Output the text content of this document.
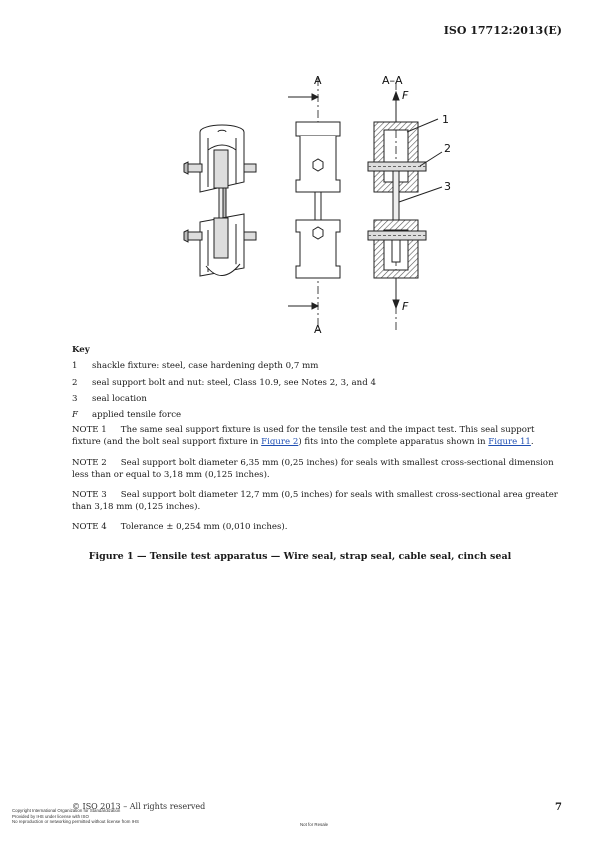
ISO 17712:2013(E)
A
A
A–A
F
F
1
2
3
Key
1	shackle fixture: steel, case hardening depth 0,7 mm
2	seal support bolt and nut: steel, Class 10.9, see Notes 2, 3, and 4
3	seal location
F	applied tensile force
NOTE 1 The same seal support fixture is used for the tensile test and the impact test. This seal support fixture (and the bolt seal support fixture in Figure 2) fits into the complete apparatus shown in Figure 11.
NOTE 2 Seal support bolt diameter 6,35 mm (0,25 inches) for seals with smallest cross-sectional dimension less than or equal to 3,18 mm (0,125 inches).
NOTE 3 Seal support bolt diameter 12,7 mm (0,5 inches) for seals with smallest cross-sectional area greater than 3,18 mm (0,125 inches).
NOTE 4 Tolerance ± 0,254 mm (0,010 inches).
Figure 1 — Tensile test apparatus — Wire seal, strap seal, cable seal, cinch seal
© ISO 2013 – All rights reserved	7
Copyright International Organization for Standardization
Provided by IHS under license with ISO
No reproduction or networking permitted without license from IHS
Not for Resale
